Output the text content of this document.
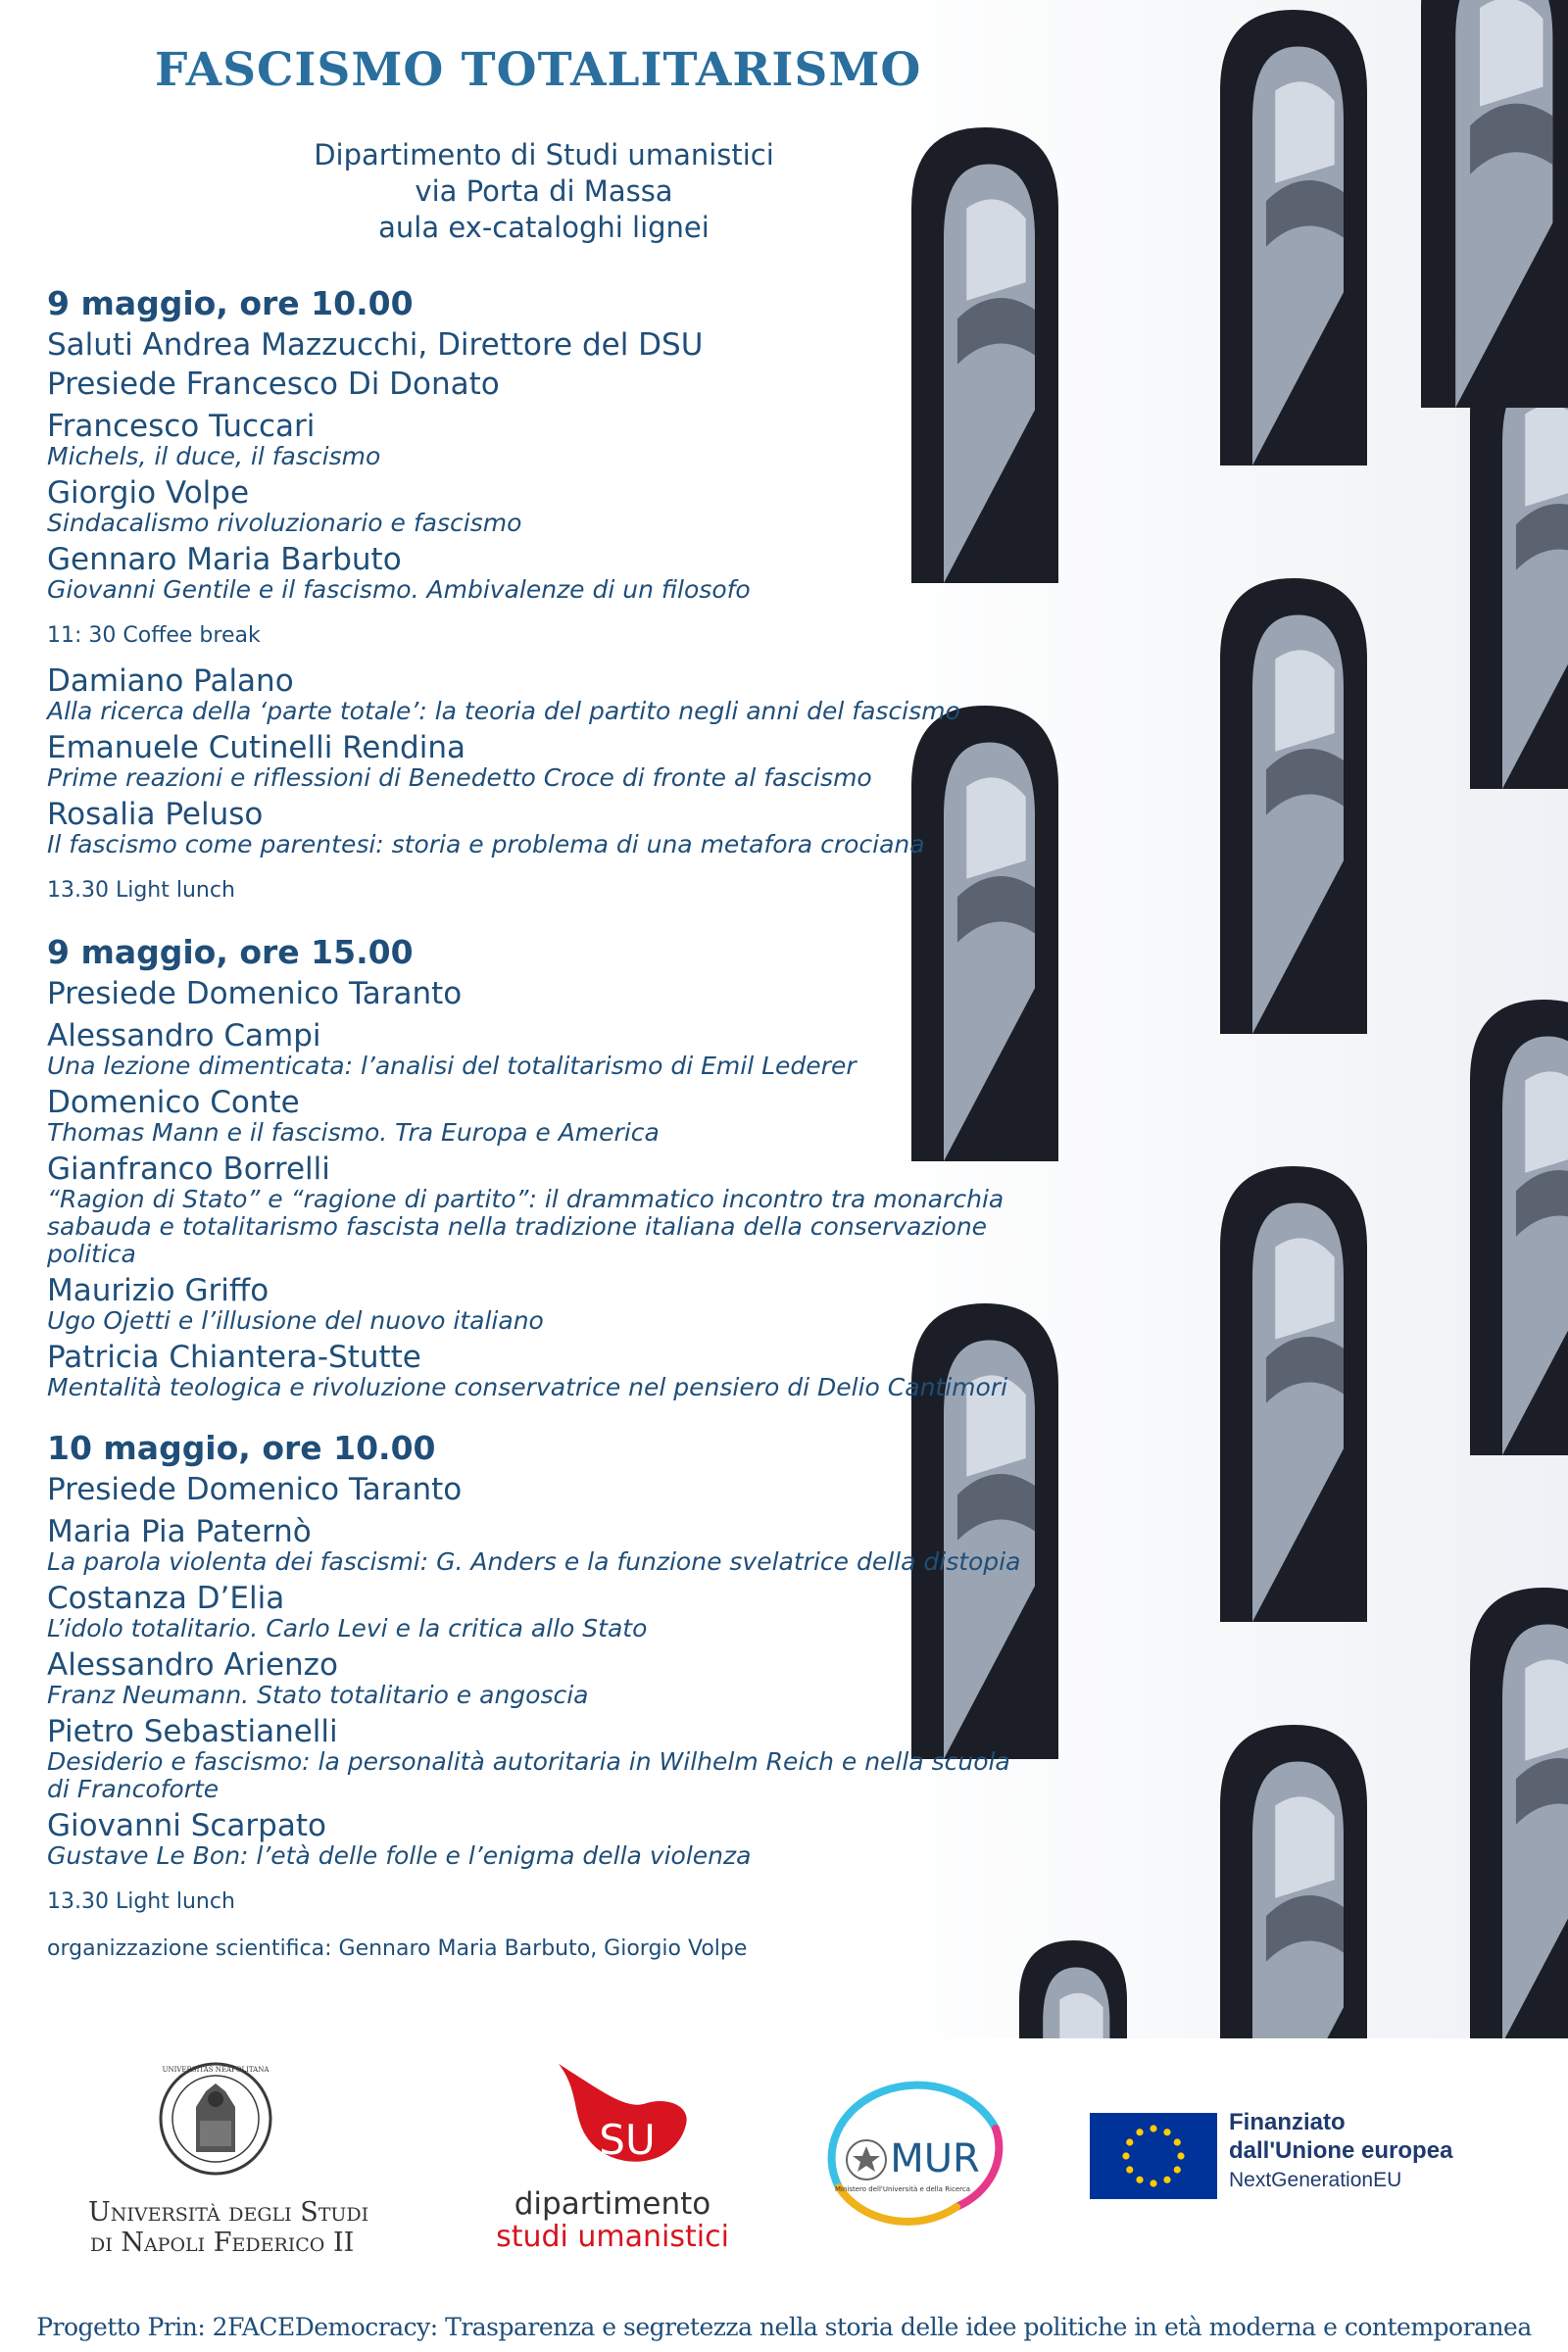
FASCISMO TOTALITARISMO
Dipartimento di Studi umanistici
via Porta di Massa
aula ex-cataloghi lignei
9 maggio, ore 10.00
Saluti Andrea Mazzucchi, Direttore del DSU
Presiede Francesco Di Donato
Francesco Tuccari
Michels, il duce, il fascismo
Giorgio Volpe
Sindacalismo rivoluzionario e fascismo
Gennaro Maria Barbuto
Giovanni Gentile e il fascismo. Ambivalenze di un filosofo
11: 30 Coffee break
Damiano Palano
Alla ricerca della ‘parte totale’: la teoria del partito negli anni del fascismo
Emanuele Cutinelli Rendina
Prime reazioni e riflessioni di Benedetto Croce di fronte al fascismo
Rosalia Peluso
Il fascismo come parentesi: storia e problema di una metafora crociana
13.30 Light lunch
9 maggio, ore 15.00
Presiede Domenico Taranto
Alessandro Campi
Una lezione dimenticata: l’analisi del totalitarismo di Emil Lederer
Domenico Conte
Thomas Mann e il fascismo. Tra Europa e America
Gianfranco Borrelli
“Ragion di Stato” e “ragione di partito”: il drammatico incontro tra monarchia sabauda e totalitarismo fascista nella tradizione italiana della conservazione politica
Maurizio Griffo
Ugo Ojetti e l’illusione del nuovo italiano
Patricia Chiantera-Stutte
Mentalità teologica e rivoluzione conservatrice nel pensiero di Delio Cantimori
10 maggio, ore 10.00
Presiede Domenico Taranto
Maria Pia Paternò
La parola violenta dei fascismi: G. Anders e la funzione svelatrice della distopia
Costanza D’Elia
L’idolo totalitario. Carlo Levi e la critica allo Stato
Alessandro Arienzo
Franz Neumann. Stato totalitario e angoscia
Pietro Sebastianelli
Desiderio e fascismo: la personalità autoritaria in Wilhelm Reich e nella scuola di Francoforte
Giovanni Scarpato
Gustave Le Bon: l’età delle folle e l’enigma della violenza
13.30 Light lunch
organizzazione scientifica: Gennaro Maria Barbuto, Giorgio Volpe
UNIVERSITAS NEAPOLITANA
Università degli Studi
di Napoli Federico II
SU
dipartimento
studi umanistici
MUR
Ministero dell'Università e della Ricerca
Finanziato
dall'Unione europea
NextGenerationEU
Progetto Prin: 2FACEDemocracy: Trasparenza e segretezza nella storia delle idee politiche in età moderna e contemporanea
